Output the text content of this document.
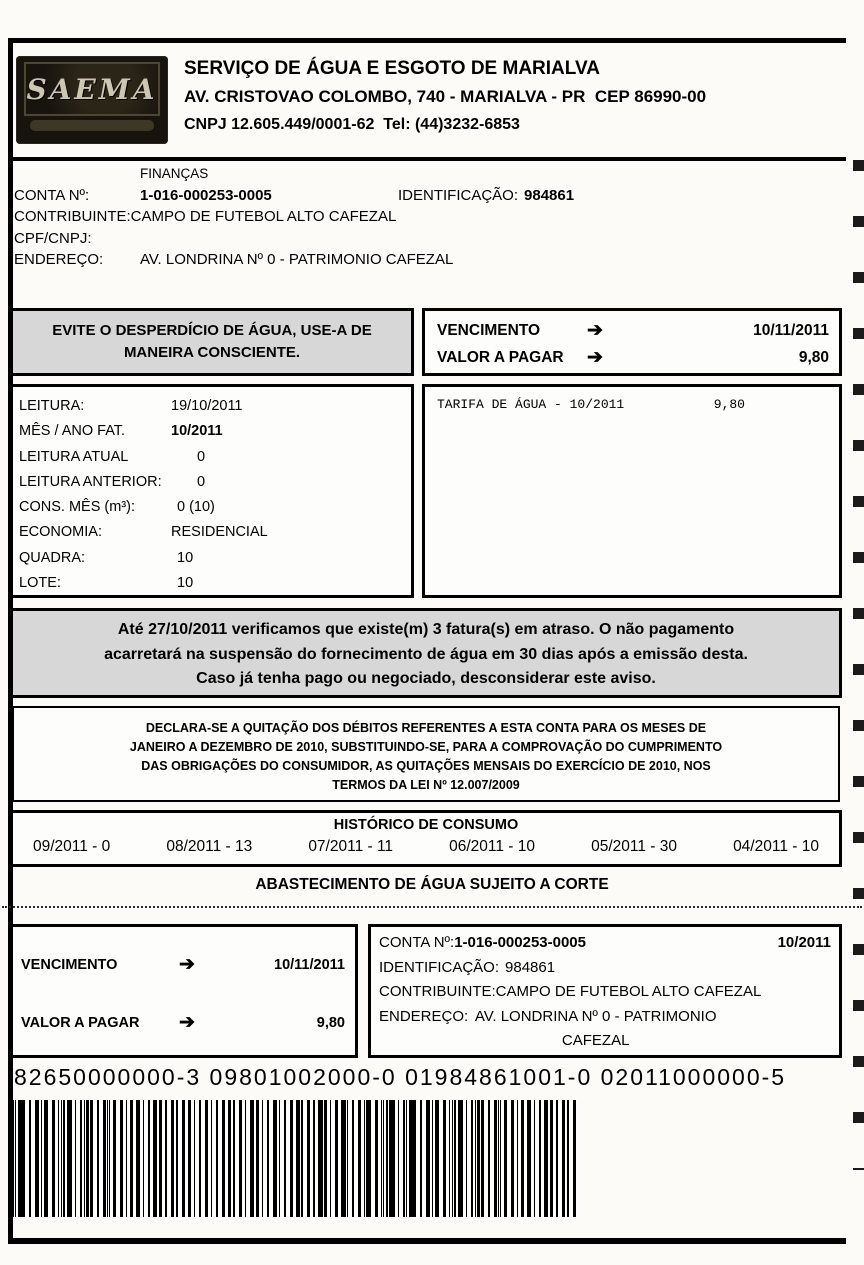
SAEMA
SERVIÇO DE ÁGUA E ESGOTO DE MARIALVA
AV. CRISTOVAO COLOMBO, 740 - MARIALVA - PR  CEP 86990-00
CNPJ 12.605.449/0001-62  Tel: (44)3232-6853
FINANÇAS
CONTA Nº:	1-016-000253-0005	IDENTIFICAÇÃO: 984861
CONTRIBUINTE: CAMPO DE FUTEBOL ALTO CAFEZAL
CPF/CNPJ:
ENDEREÇO:	AV. LONDRINA Nº 0 - PATRIMONIO CAFEZAL
EVITE O DESPERDÍCIO DE ÁGUA, USE-A DE
MANEIRA CONSCIENTE.
VENCIMENTO	➔	10/11/2011
VALOR A PAGAR	➔	9,80
LEITURA:	19/10/2011
MÊS / ANO FAT.	10/2011
LEITURA ATUAL	0
LEITURA ANTERIOR:	0
CONS. MÊS (m³):	0 (10)
ECONOMIA:	RESIDENCIAL
QUADRA:	10
LOTE:	10
TARIFA DE ÁGUA - 10/2011	9,80
Até 27/10/2011 verificamos que existe(m) 3 fatura(s) em atraso. O não pagamento
acarretará na suspensão do fornecimento de água em 30 dias após a emissão desta.
Caso já tenha pago ou negociado, desconsiderar este aviso.
DECLARA-SE A QUITAÇÃO DOS DÉBITOS REFERENTES A ESTA CONTA PARA OS MESES DE
JANEIRO A DEZEMBRO DE 2010, SUBSTITUINDO-SE, PARA A COMPROVAÇÃO DO CUMPRIMENTO
DAS OBRIGAÇÕES DO CONSUMIDOR, AS QUITAÇÕES MENSAIS DO EXERCÍCIO DE 2010, NOS
TERMOS DA LEI Nº 12.007/2009
HISTÓRICO DE CONSUMO
09/2011 - 0	08/2011 - 13	07/2011 - 11	06/2011 - 10	05/2011 - 30	04/2011 - 10
ABASTECIMENTO DE ÁGUA SUJEITO A CORTE
VENCIMENTO	➔	10/11/2011
VALOR A PAGAR	➔	9,80
CONTA Nº: 1-016-000253-0005	10/2011
IDENTIFICAÇÃO: 984861
CONTRIBUINTE: CAMPO DE FUTEBOL ALTO CAFEZAL
ENDEREÇO: AV. LONDRINA Nº 0 - PATRIMONIO CAFEZAL
82650000000-3 09801002000-0 01984861001-0 02011000000-5
